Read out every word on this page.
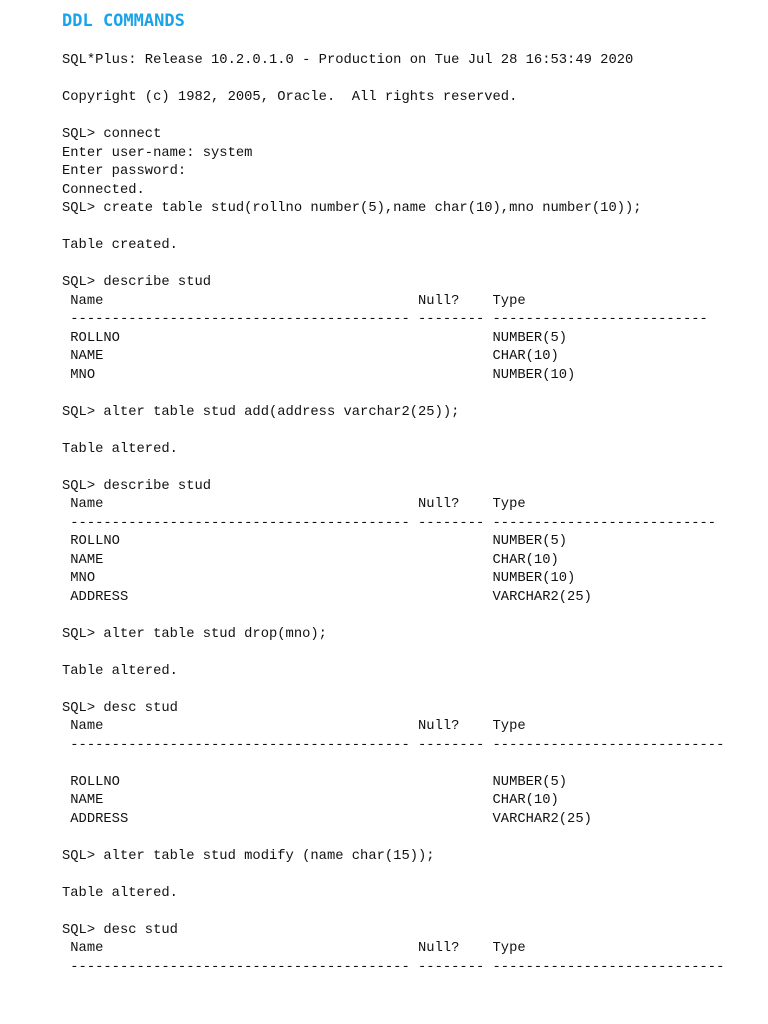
DDL COMMANDS
SQL*Plus: Release 10.2.0.1.0 - Production on Tue Jul 28 16:53:49 2020
Copyright (c) 1982, 2005, Oracle.  All rights reserved.
SQL> connect
Enter user-name: system
Enter password:
Connected.
SQL> create table stud(rollno number(5),name char(10),mno number(10));
Table created.
SQL> describe stud
Name                                      Null?    Type
----------------------------------------- -------- --------------------------
ROLLNO                                             NUMBER(5)
NAME                                               CHAR(10)
MNO                                                NUMBER(10)
SQL> alter table stud add(address varchar2(25));
Table altered.
SQL> describe stud
Name                                      Null?    Type
----------------------------------------- -------- ---------------------------
ROLLNO                                             NUMBER(5)
NAME                                               CHAR(10)
MNO                                                NUMBER(10)
ADDRESS                                            VARCHAR2(25)
SQL> alter table stud drop(mno);
Table altered.
SQL> desc stud
Name                                      Null?    Type
----------------------------------------- -------- ----------------------------
ROLLNO                                             NUMBER(5)
NAME                                               CHAR(10)
ADDRESS                                            VARCHAR2(25)
SQL> alter table stud modify (name char(15));
Table altered.
SQL> desc stud
Name                                      Null?    Type
----------------------------------------- -------- ----------------------------
